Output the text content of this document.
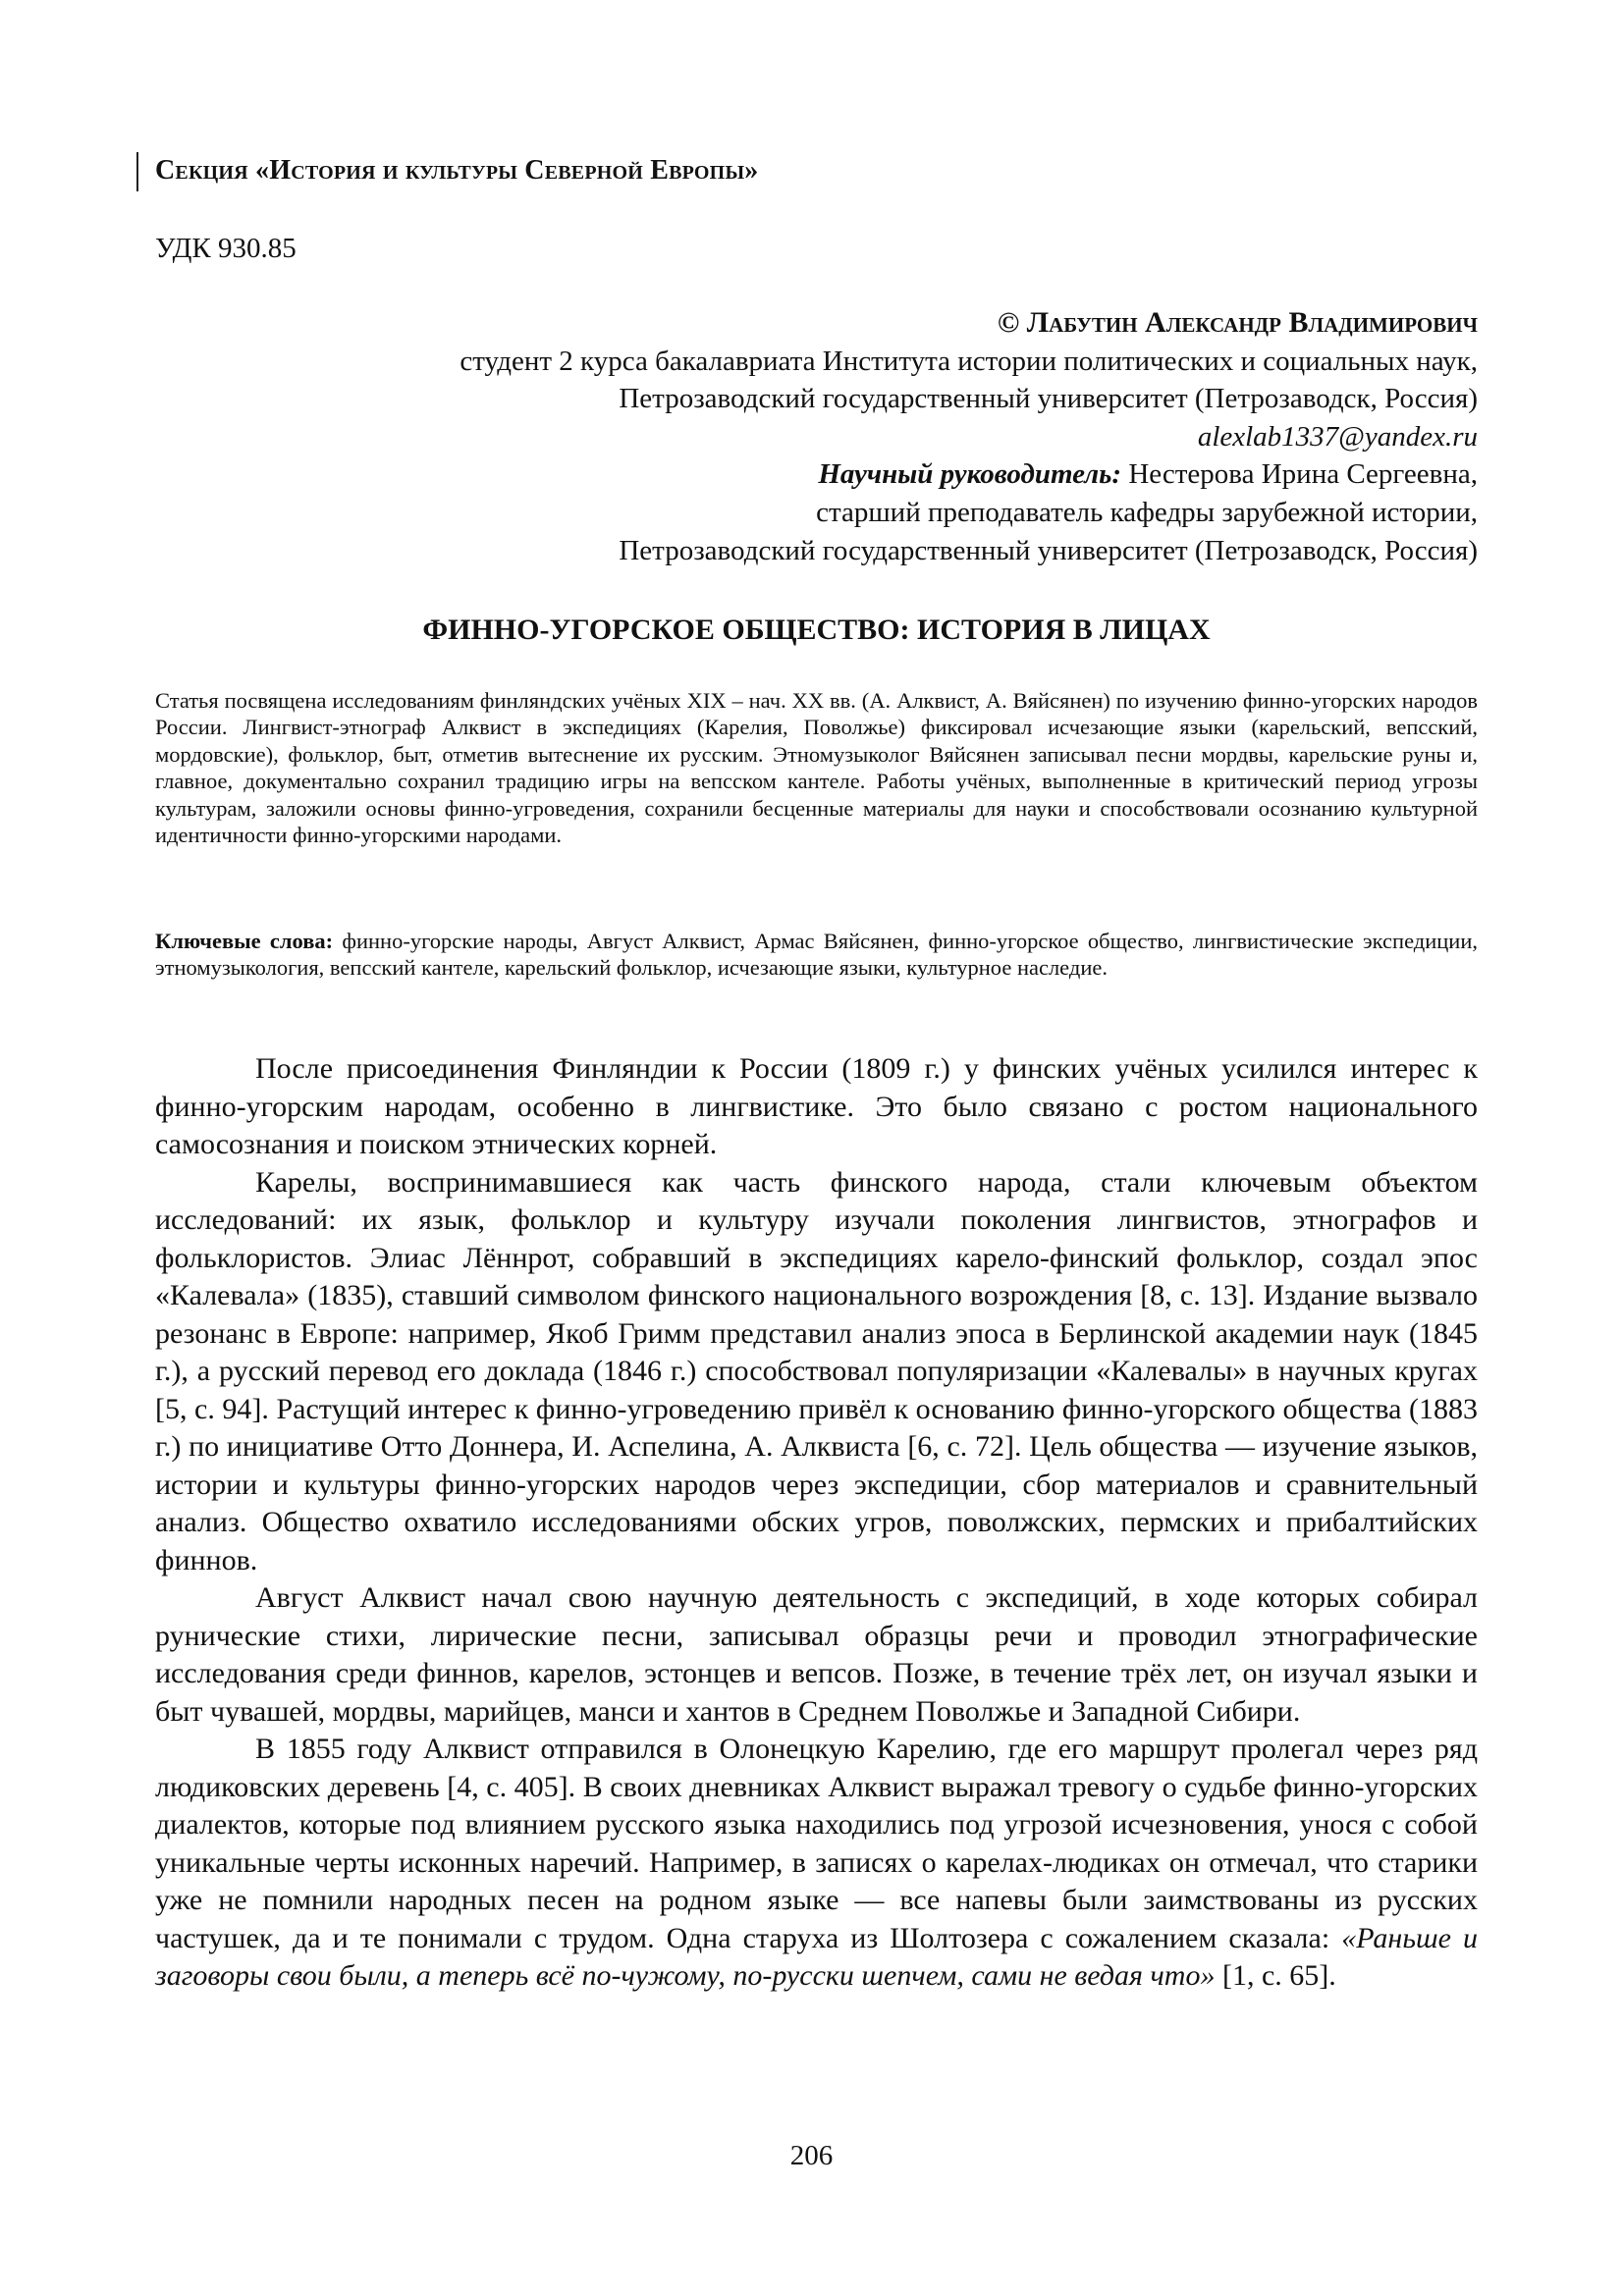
Секция «История и культуры Северной Европы»
УДК 930.85
© Лабутин Александр Владимирович
студент 2 курса бакалавриата Института истории политических и социальных наук,
Петрозаводский государственный университет (Петрозаводск, Россия)
alexlab1337@yandex.ru
Научный руководитель: Нестерова Ирина Сергеевна,
старший преподаватель кафедры зарубежной истории,
Петрозаводский государственный университет (Петрозаводск, Россия)
ФИННО-УГОРСКОЕ ОБЩЕСТВО: ИСТОРИЯ В ЛИЦАХ
Статья посвящена исследованиям финляндских учёных XIX – нач. XX вв. (А. Алквист, А. Вяйсянен) по изучению финно-угорских народов России. Лингвист-этнограф Алквист в экспедициях (Карелия, Поволжье) фиксировал исчезающие языки (карельский, вепсский, мордовские), фольклор, быт, отметив вытеснение их русским. Этномузыколог Вяйсянен записывал песни мордвы, карельские руны и, главное, документально сохранил традицию игры на вепсском кантеле. Работы учёных, выполненные в критический период угрозы культурам, заложили основы финно-угроведения, сохранили бесценные материалы для науки и способствовали осознанию культурной идентичности финно-угорскими народами.
Ключевые слова: финно-угорские народы, Август Алквист, Армас Вяйсянен, финно-угорское общество, лингвистические экспедиции, этномузыкология, вепсский кантеле, карельский фольклор, исчезающие языки, культурное наследие.

После присоединения Финляндии к России (1809 г.) у финских учёных усилился интерес к финно-угорским народам, особенно в лингвистике. Это было связано с ростом национального самосознания и поиском этнических корней.

Карелы, воспринимавшиеся как часть финского народа, стали ключевым объектом исследований: их язык, фольклор и культуру изучали поколения лингвистов, этнографов и фольклористов. Элиас Лённрот, собравший в экспедициях карело-финский фольклор, создал эпос «Калевала» (1835), ставший символом финского национального возрождения [8, с. 13]. Издание вызвало резонанс в Европе: например, Якоб Гримм представил анализ эпоса в Берлинской академии наук (1845 г.), а русский перевод его доклада (1846 г.) способствовал популяризации «Калевалы» в научных кругах [5, с. 94]. Растущий интерес к финно-угроведению привёл к основанию финно-угорского общества (1883 г.) по инициативе Отто Доннера, И. Аспелина, А. Алквиста [6, с. 72]. Цель общества — изучение языков, истории и культуры финно-угорских народов через экспедиции, сбор материалов и сравнительный анализ. Общество охватило исследованиями обских угров, поволжских, пермских и прибалтийских финнов.

Август Алквист начал свою научную деятельность с экспедиций, в ходе которых собирал рунические стихи, лирические песни, записывал образцы речи и проводил этнографические исследования среди финнов, карелов, эстонцев и вепсов. Позже, в течение трёх лет, он изучал языки и быт чувашей, мордвы, марийцев, манси и хантов в Среднем Поволжье и Западной Сибири.

В 1855 году Алквист отправился в Олонецкую Карелию, где его маршрут пролегал через ряд людиковских деревень [4, с. 405]. В своих дневниках Алквист выражал тревогу о судьбе финно-угорских диалектов, которые под влиянием русского языка находились под угрозой исчезновения, унося с собой уникальные черты исконных наречий. Например, в записях о карелах-людиках он отмечал, что старики уже не помнили народных песен на родном языке — все напевы были заимствованы из русских частушек, да и те понимали с трудом. Одна старуха из Шолтозера с сожалением сказала: «Раньше и заговоры свои были, а теперь всё по-чужому, по-русски шепчем, сами не ведая что» [1, с. 65].

206
